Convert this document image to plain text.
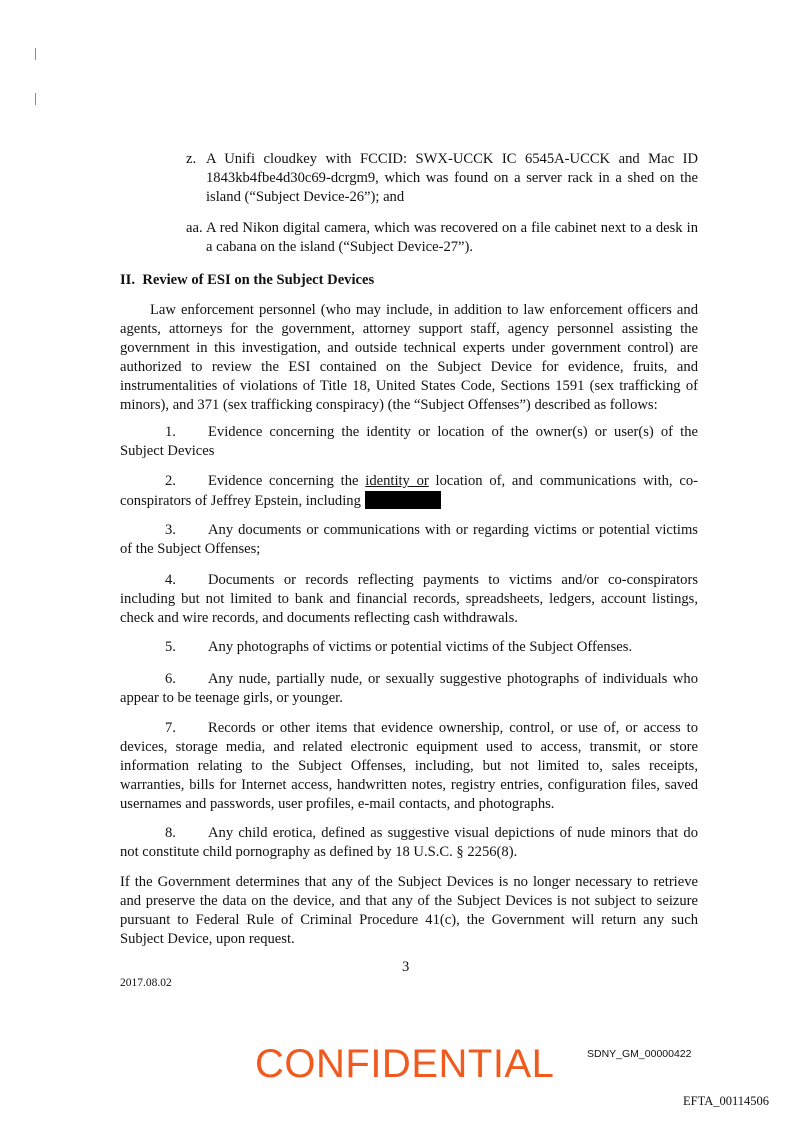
z. A Unifi cloudkey with FCCID: SWX-UCCK IC 6545A-UCCK and Mac ID 1843kb4fbe4d30c69-dcrgm9, which was found on a server rack in a shed on the island (“Subject Device-26”); and
aa. A red Nikon digital camera, which was recovered on a file cabinet next to a desk in a cabana on the island (“Subject Device-27”).
II. Review of ESI on the Subject Devices
Law enforcement personnel (who may include, in addition to law enforcement officers and agents, attorneys for the government, attorney support staff, agency personnel assisting the government in this investigation, and outside technical experts under government control) are authorized to review the ESI contained on the Subject Device for evidence, fruits, and instrumentalities of violations of Title 18, United States Code, Sections 1591 (sex trafficking of minors), and 371 (sex trafficking conspiracy) (the “Subject Offenses”) described as follows:
1. Evidence concerning the identity or location of the owner(s) or user(s) of the Subject Devices
2. Evidence concerning the identity or location of, and communications with, co-conspirators of Jeffrey Epstein, including
3. Any documents or communications with or regarding victims or potential victims of the Subject Offenses;
4. Documents or records reflecting payments to victims and/or co-conspirators including but not limited to bank and financial records, spreadsheets, ledgers, account listings, check and wire records, and documents reflecting cash withdrawals.
5. Any photographs of victims or potential victims of the Subject Offenses.
6. Any nude, partially nude, or sexually suggestive photographs of individuals who appear to be teenage girls, or younger.
7. Records or other items that evidence ownership, control, or use of, or access to devices, storage media, and related electronic equipment used to access, transmit, or store information relating to the Subject Offenses, including, but not limited to, sales receipts, warranties, bills for Internet access, handwritten notes, registry entries, configuration files, saved usernames and passwords, user profiles, e-mail contacts, and photographs.
8. Any child erotica, defined as suggestive visual depictions of nude minors that do not constitute child pornography as defined by 18 U.S.C. § 2256(8).
If the Government determines that any of the Subject Devices is no longer necessary to retrieve and preserve the data on the device, and that any of the Subject Devices is not subject to seizure pursuant to Federal Rule of Criminal Procedure 41(c), the Government will return any such Subject Device, upon request.
3
2017.08.02
CONFIDENTIAL	SDNY_GM_00000422
EFTA_00114506
